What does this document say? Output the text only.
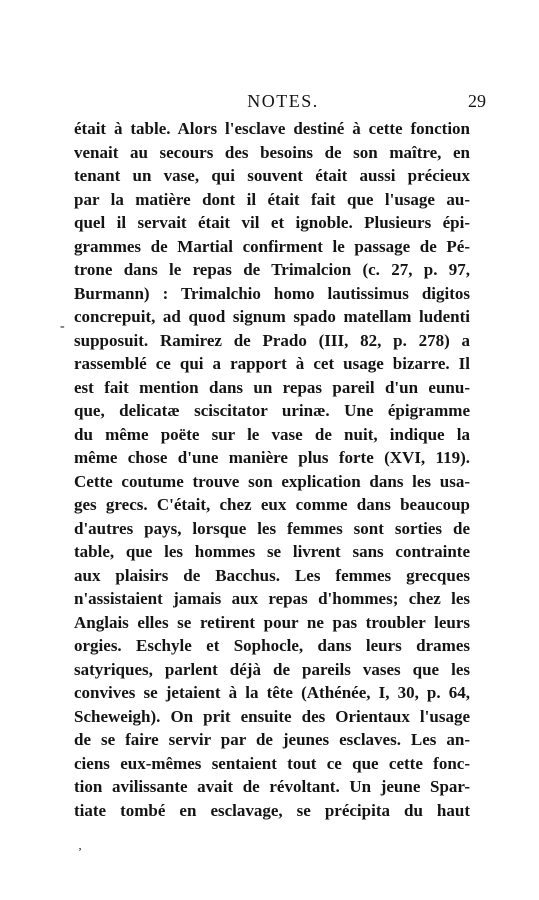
NOTES.	29
était à table. Alors l'esclave destiné à cette fonction
venait au secours des besoins de son maître, en
tenant un vase, qui souvent était aussi précieux
par la matière dont il était fait que l'usage au-
quel il servait était vil et ignoble. Plusieurs épi-
grammes de Martial confirment le passage de Pé-
trone dans le repas de Trimalcion (c. 27, p. 97,
Burmann) : Trimalchio homo lautissimus digitos
concrepuit, ad quod signum spado matellam ludenti
supposuit. Ramirez de Prado (III, 82, p. 278) a
rassemblé ce qui a rapport à cet usage bizarre. Il
est fait mention dans un repas pareil d'un eunu-
que, delicatæ sciscitator urinæ. Une épigramme
du même poëte sur le vase de nuit, indique la
même chose d'une manière plus forte (XVI, 119).
Cette coutume trouve son explication dans les usa-
ges grecs. C'était, chez eux comme dans beaucoup
d'autres pays, lorsque les femmes sont sorties de
table, que les hommes se livrent sans contrainte
aux plaisirs de Bacchus. Les femmes grecques
n'assistaient jamais aux repas d'hommes; chez les
Anglais elles se retirent pour ne pas troubler leurs
orgies. Eschyle et Sophocle, dans leurs drames
satyriques, parlent déjà de pareils vases que les
convives se jetaient à la tête (Athénée, I, 30, p. 64,
Scheweigh). On prit ensuite des Orientaux l'usage
de se faire servir par de jeunes esclaves. Les an-
ciens eux-mêmes sentaient tout ce que cette fonc-
tion avilissante avait de révoltant. Un jeune Spar-
tiate tombé en esclavage, se précipita du haut
-
ʼ
